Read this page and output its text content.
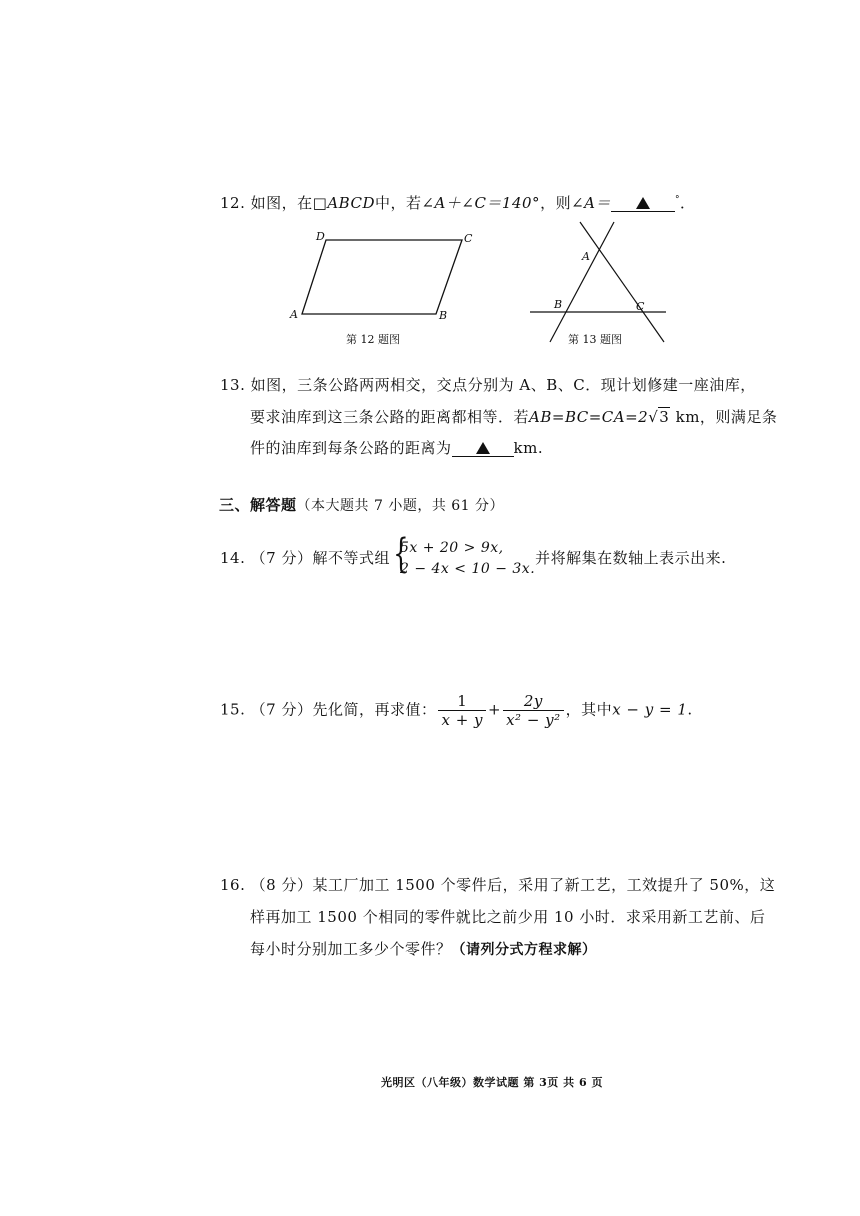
12. 如图，在□ABCD中，若∠A＋∠C＝140°，则∠A＝	°．
D	C
A	B
第 12 题图
A
B	C
第 13 题图
13. 如图，三条公路两两相交，交点分别为 A、B、C．现计划修建一座油库，
要求油库到这三条公路的距离都相等．若AB=BC=CA=2√3 km，则满足条
件的油库到每条公路的距离为	km.
三、解答题（本大题共 7 小题，共 61 分）
14. （7 分）解不等式组 {
5x + 20 > 9x,
2 − 4x < 10 − 3x.
并将解集在数轴上表示出来.
15. （7 分）先化简，再求值： $\frac{1}{x + y} + \frac{2y}{\text{x² − y²}}$ ，其中x − y = 1.
16. （8 分）某工厂加工 1500 个零件后，采用了新工艺，工效提升了 50%，这
样再加工 1500 个相同的零件就比之前少用 10 小时．求采用新工艺前、后
每小时分别加工多少个零件？（请列分式方程求解）
光明区（八年级）数学试题 第 3页 共 6 页
